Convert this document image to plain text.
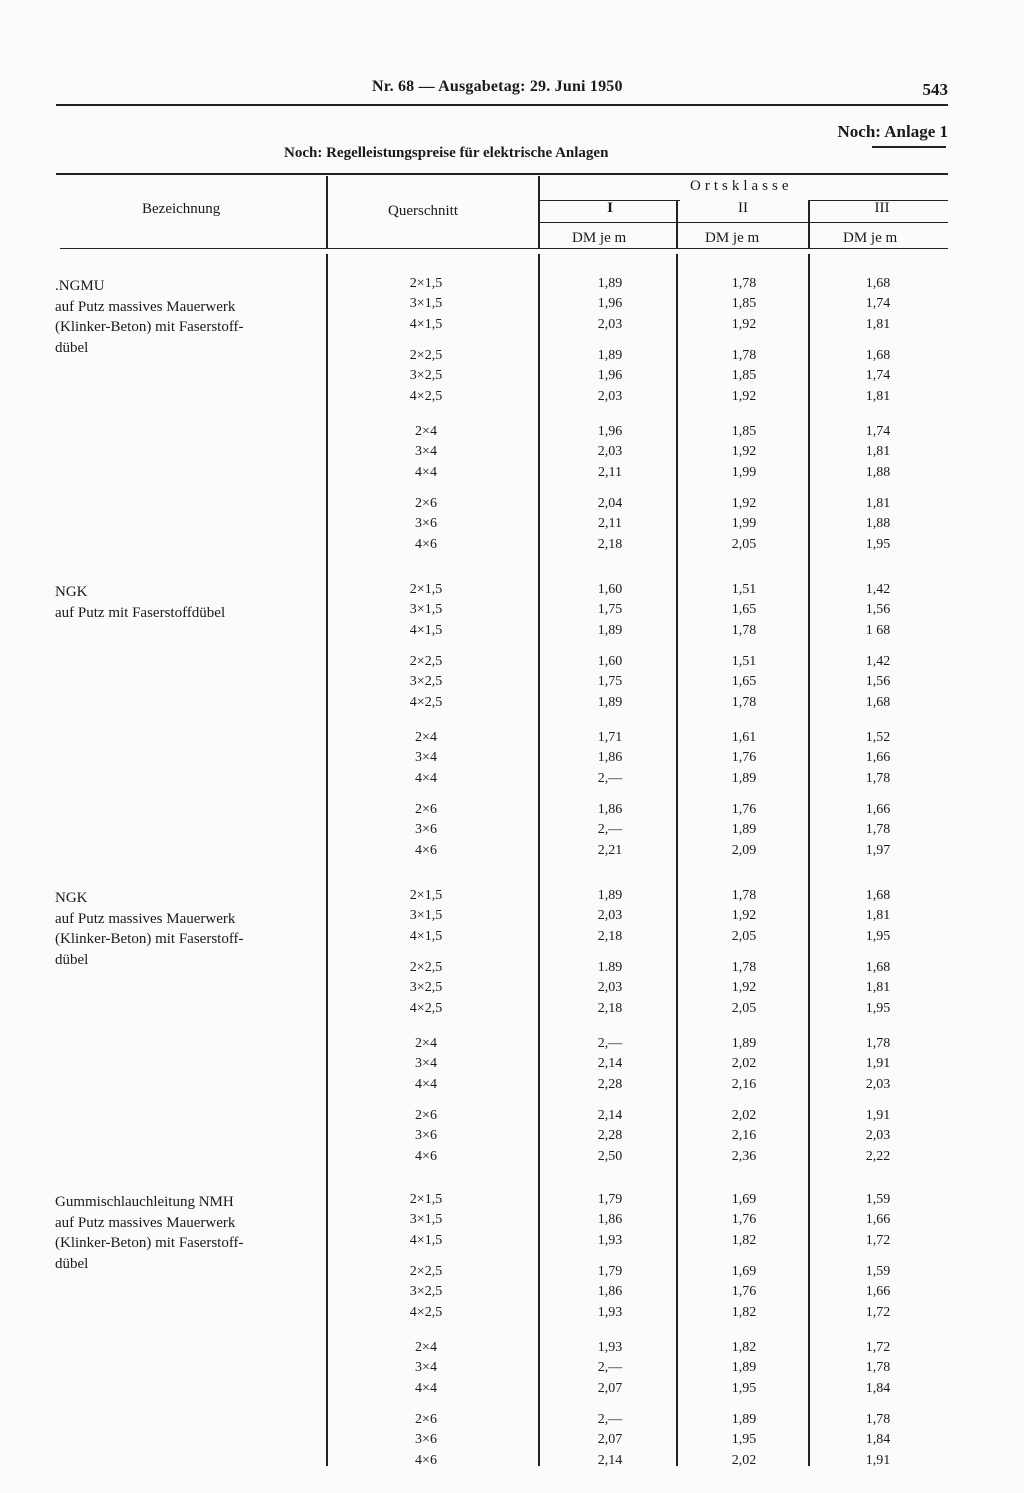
Nr. 68 — Ausgabetag: 29. Juni 1950	543
Noch: Anlage 1
Noch: Regelleistungspreise für elektrische Anlagen
Bezeichnung	Querschnitt
Ortsklasse
I	II	III
DM je m	DM je m	DM je m
.NGMU
auf Putz massives Mauerwerk
(Klinker-Beton) mit Faserstoff-
dübel
2×1,5	1,89	1,78	1,68
3×1,5	1,96	1,85	1,74
4×1,5	2,03	1,92	1,81
2×2,5	1,89	1,78	1,68
3×2,5	1,96	1,85	1,74
4×2,5	2,03	1,92	1,81
2×4	1,96	1,85	1,74
3×4	2,03	1,92	1,81
4×4	2,11	1,99	1,88
2×6	2,04	1,92	1,81
3×6	2,11	1,99	1,88
4×6	2,18	2,05	1,95
NGK
auf Putz mit Faserstoffdübel
2×1,5	1,60	1,51	1,42
3×1,5	1,75	1,65	1,56
4×1,5	1,89	1,78	1 68
2×2,5	1,60	1,51	1,42
3×2,5	1,75	1,65	1,56
4×2,5	1,89	1,78	1,68
2×4	1,71	1,61	1,52
3×4	1,86	1,76	1,66
4×4	2,—	1,89	1,78
2×6	1,86	1,76	1,66
3×6	2,—	1,89	1,78
4×6	2,21	2,09	1,97
NGK
auf Putz massives Mauerwerk
(Klinker-Beton) mit Faserstoff-
dübel
2×1,5	1,89	1,78	1,68
3×1,5	2,03	1,92	1,81
4×1,5	2,18	2,05	1,95
2×2,5	1.89	1,78	1,68
3×2,5	2,03	1,92	1,81
4×2,5	2,18	2,05	1,95
2×4	2,—	1,89	1,78
3×4	2,14	2,02	1,91
4×4	2,28	2,16	2,03
2×6	2,14	2,02	1,91
3×6	2,28	2,16	2,03
4×6	2,50	2,36	2,22
Gummischlauchleitung NMH
auf Putz massives Mauerwerk
(Klinker-Beton) mit Faserstoff-
dübel
2×1,5	1,79	1,69	1,59
3×1,5	1,86	1,76	1,66
4×1,5	1,93	1,82	1,72
2×2,5	1,79	1,69	1,59
3×2,5	1,86	1,76	1,66
4×2,5	1,93	1,82	1,72
2×4	1,93	1,82	1,72
3×4	2,—	1,89	1,78
4×4	2,07	1,95	1,84
2×6	2,—	1,89	1,78
3×6	2,07	1,95	1,84
4×6	2,14	2,02	1,91
